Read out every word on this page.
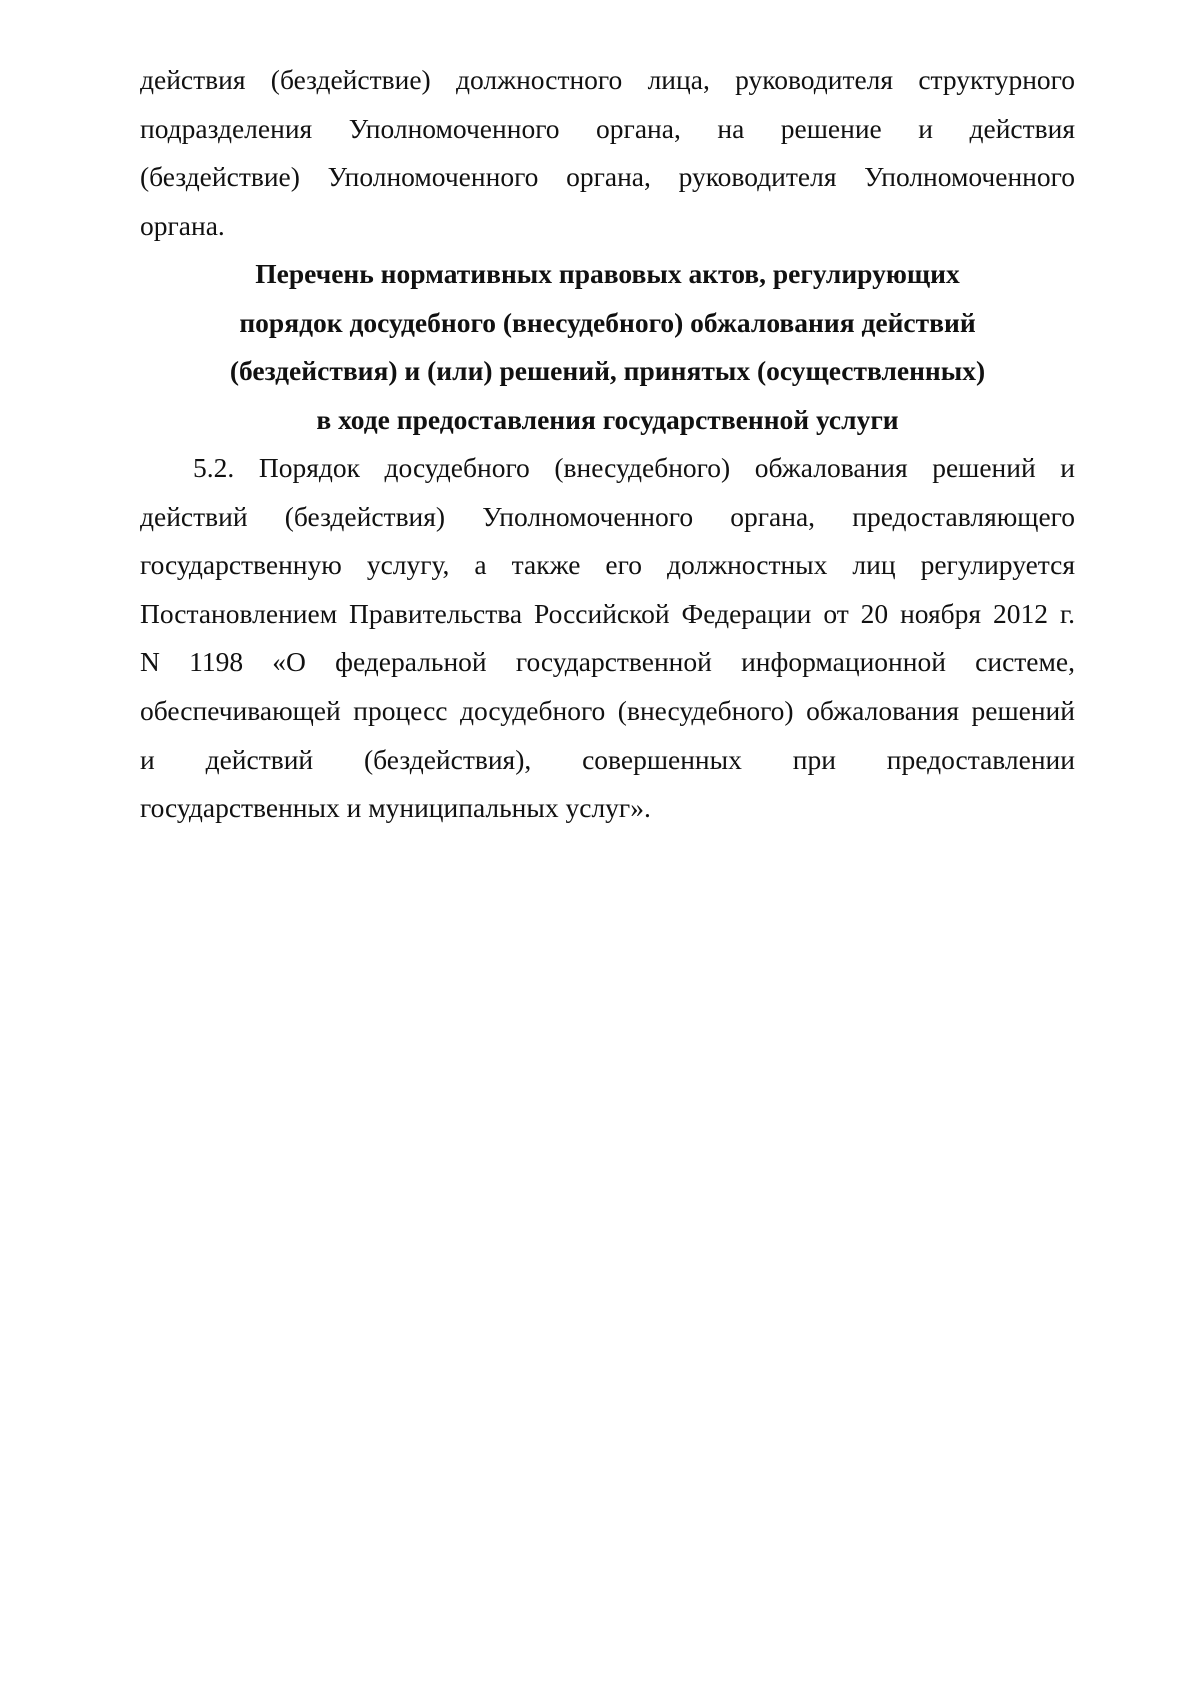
действия (бездействие) должностного лица, руководителя структурного
подразделения Уполномоченного органа, на решение и действия
(бездействие) Уполномоченного органа, руководителя Уполномоченного
органа.
Перечень нормативных правовых актов, регулирующих
порядок досудебного (внесудебного) обжалования действий
(бездействия) и (или) решений, принятых (осуществленных)
в ходе предоставления государственной услуги
5.2. Порядок досудебного (внесудебного) обжалования решений и
действий (бездействия) Уполномоченного органа, предоставляющего
государственную услугу, а также его должностных лиц регулируется
Постановлением Правительства Российской Федерации от 20 ноября 2012 г.
N 1198 «О федеральной государственной информационной системе,
обеспечивающей процесс досудебного (внесудебного) обжалования решений
и действий (бездействия), совершенных при предоставлении
государственных и муниципальных услуг».
